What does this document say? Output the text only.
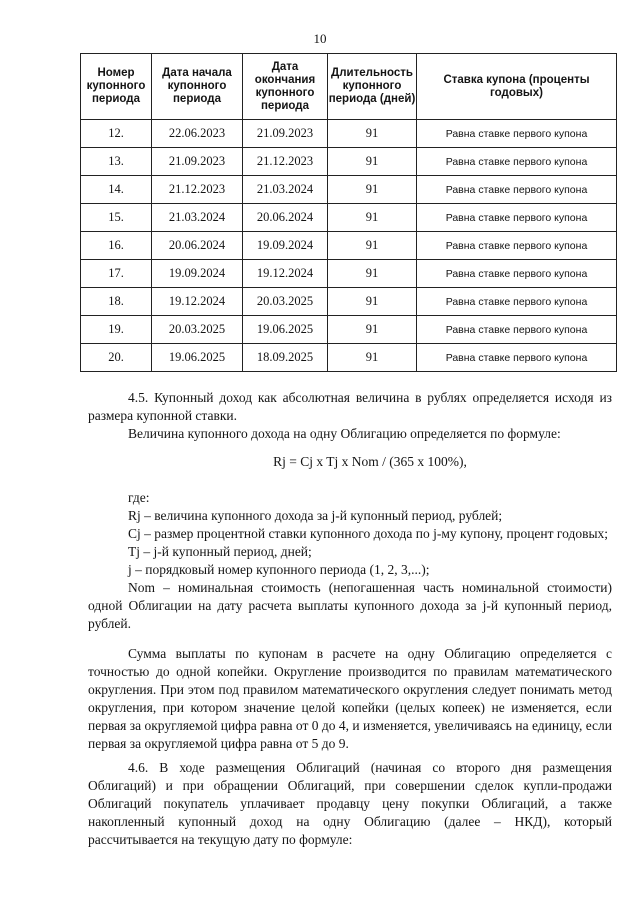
10
Номер купонного периода	Дата начала купонного периода	Дата окончания купонного периода	Длительность купонного периода (дней)	Ставка купона (проценты годовых)
12.	22.06.2023	21.09.2023	91	Равна ставке первого купона
13.	21.09.2023	21.12.2023	91	Равна ставке первого купона
14.	21.12.2023	21.03.2024	91	Равна ставке первого купона
15.	21.03.2024	20.06.2024	91	Равна ставке первого купона
16.	20.06.2024	19.09.2024	91	Равна ставке первого купона
17.	19.09.2024	19.12.2024	91	Равна ставке первого купона
18.	19.12.2024	20.03.2025	91	Равна ставке первого купона
19.	20.03.2025	19.06.2025	91	Равна ставке первого купона
20.	19.06.2025	18.09.2025	91	Равна ставке первого купона

4.5. Купонный доход как абсолютная величина в рублях определяется исходя из размера купонной ставки.

Величина купонного дохода на одну Облигацию определяется по формуле:

Rj = Cj x Tj x Nom / (365 x 100%),

где:

Rj – величина купонного дохода за j-й купонный период, рублей;

Cj – размер процентной ставки купонного дохода по j-му купону, процент годовых;

Tj – j-й купонный период, дней;

j – порядковый номер купонного периода (1, 2, 3,...);

Nom – номинальная стоимость (непогашенная часть номинальной стоимости) одной Облигации на дату расчета выплаты купонного дохода за j-й купонный период, рублей.

Сумма выплаты по купонам в расчете на одну Облигацию определяется с точностью до одной копейки. Округление производится по правилам математического округления. При этом под правилом математического округления следует понимать метод округления, при котором значение целой копейки (целых копеек) не изменяется, если первая за округляемой цифра равна от 0 до 4, и изменяется, увеличиваясь на единицу, если первая за округляемой цифра равна от 5 до 9.

4.6. В ходе размещения Облигаций (начиная со второго дня размещения Облигаций) и при обращении Облигаций, при совершении сделок купли-продажи Облигаций покупатель уплачивает продавцу цену покупки Облигаций, а также накопленный купонный доход на одну Облигацию (далее – НКД), который рассчитывается на текущую дату по формуле:
